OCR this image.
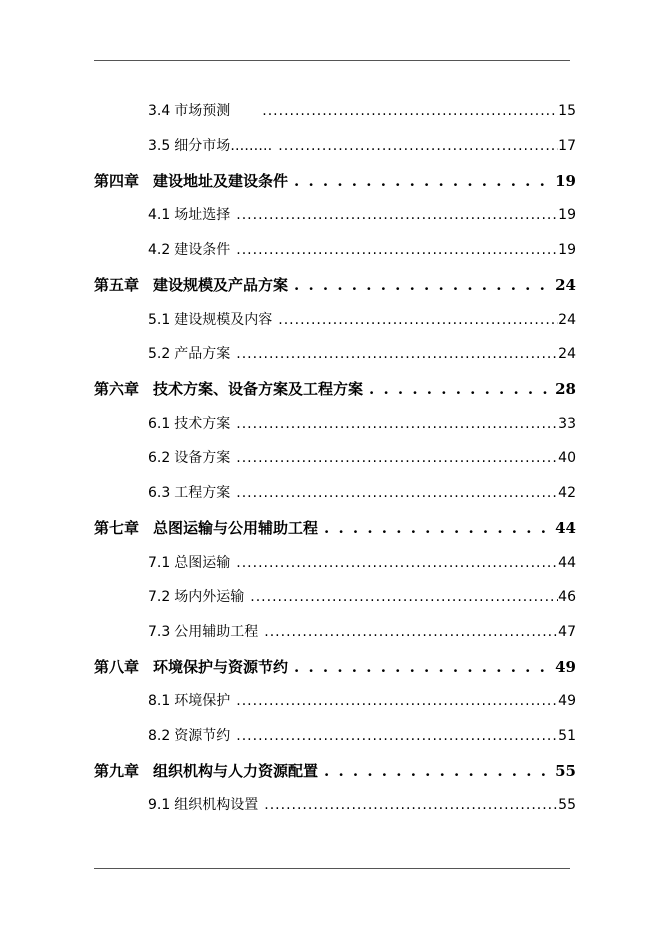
3.4 市场预测 .....	15
3.5 细分市场……… .....	17
第四章 建设地址及建设条件 . . .	19
4.1 场址选择 .....	19
4.2 建设条件 .....	19
第五章 建设规模及产品方案 . . .	24
5.1 建设规模及内容 .....	24
5.2 产品方案 .....	24
第六章 技术方案、设备方案及工程方案 . . .	28
6.1 技术方案 .....	33
6.2 设备方案 .....	40
6.3 工程方案 .....	42
第七章 总图运输与公用辅助工程 . . .	44
7.1 总图运输 .....	44
7.2 场内外运输 .....	46
7.3 公用辅助工程 .....	47
第八章 环境保护与资源节约 . . .	49
8.1 环境保护 .....	49
8.2 资源节约 .....	51
第九章 组织机构与人力资源配置 . . .	55
9.1 组织机构设置 .....	55
